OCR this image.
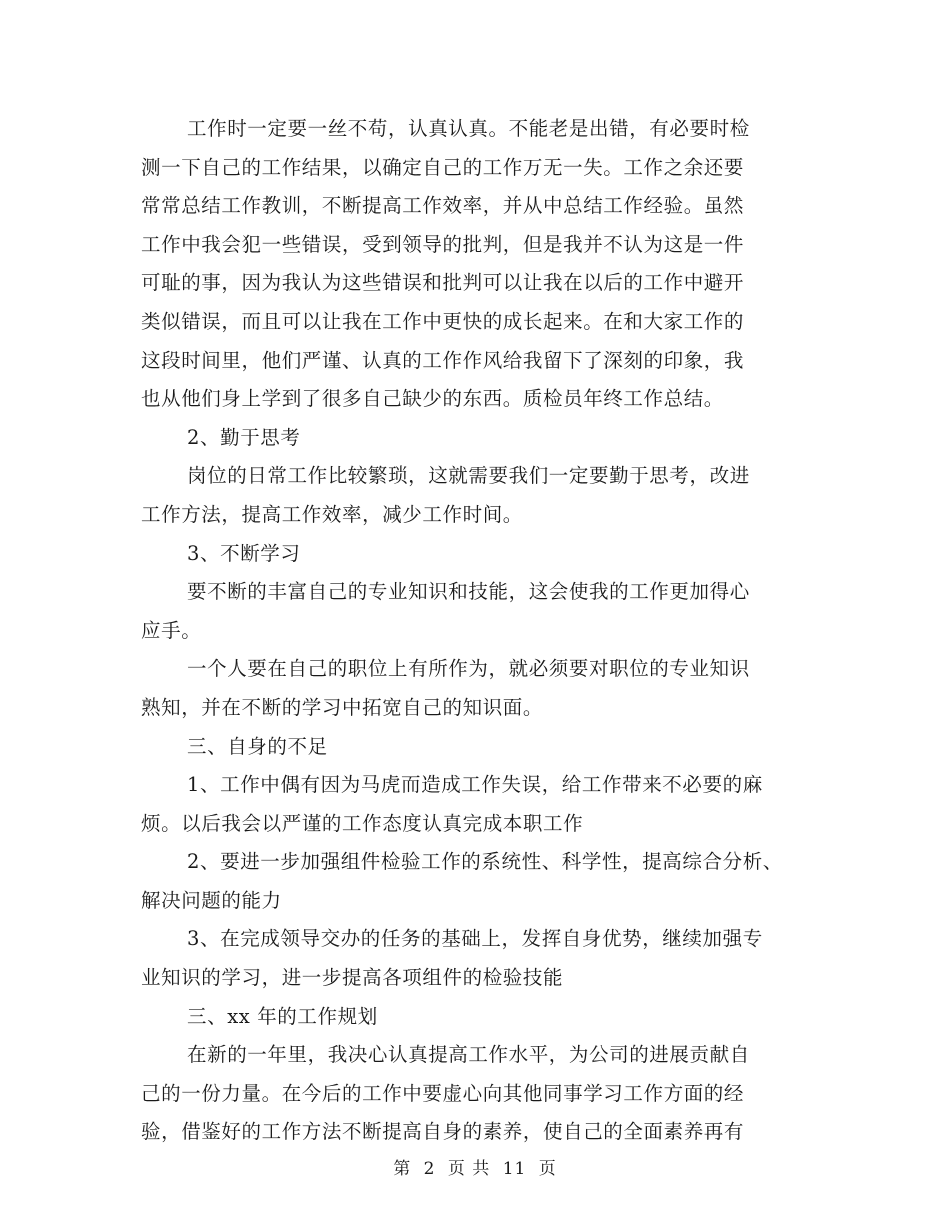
工作时一定要一丝不苟，认真认真。不能老是出错，有必要时检

测一下自己的工作结果，以确定自己的工作万无一失。工作之余还要

常常总结工作教训，不断提高工作效率，并从中总结工作经验。虽然

工作中我会犯一些错误，受到领导的批判，但是我并不认为这是一件

可耻的事，因为我认为这些错误和批判可以让我在以后的工作中避开

类似错误，而且可以让我在工作中更快的成长起来。在和大家工作的

这段时间里，他们严谨、认真的工作作风给我留下了深刻的印象，我

也从他们身上学到了很多自己缺少的东西。质检员年终工作总结。

2、勤于思考

岗位的日常工作比较繁琐，这就需要我们一定要勤于思考，改进

工作方法，提高工作效率，减少工作时间。

3、不断学习

要不断的丰富自己的专业知识和技能，这会使我的工作更加得心

应手。

一个人要在自己的职位上有所作为，就必须要对职位的专业知识

熟知，并在不断的学习中拓宽自己的知识面。

三、自身的不足

1、工作中偶有因为马虎而造成工作失误，给工作带来不必要的麻

烦。以后我会以严谨的工作态度认真完成本职工作

2、要进一步加强组件检验工作的系统性、科学性，提高综合分析、

解决问题的能力

3、在完成领导交办的任务的基础上，发挥自身优势，继续加强专

业知识的学习，进一步提高各项组件的检验技能

三、xx 年的工作规划

在新的一年里，我决心认真提高工作水平，为公司的进展贡献自

己的一份力量。在今后的工作中要虚心向其他同事学习工作方面的经

验，借鉴好的工作方法不断提高自身的素养，使自己的全面素养再有

第 2 页 共 11 页
